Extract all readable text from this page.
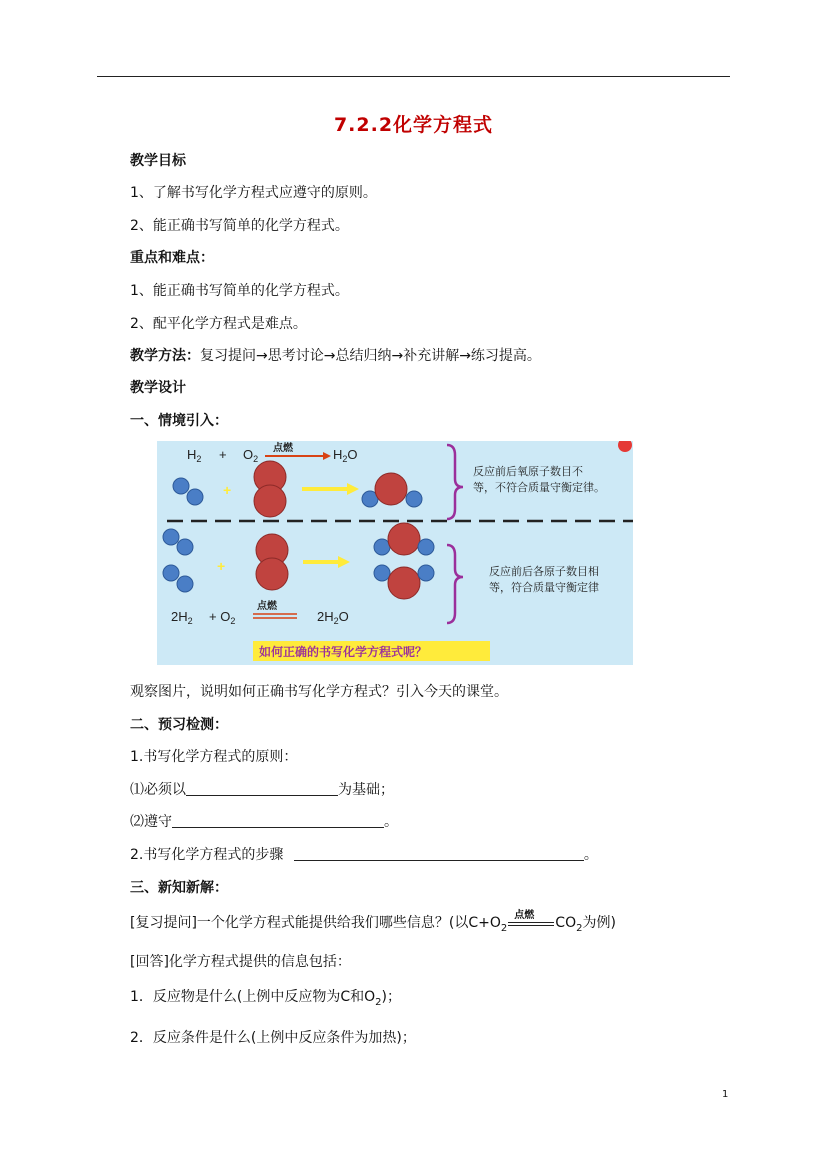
7.2.2化学方程式
教学目标
1、了解书写化学方程式应遵守的原则。
2、能正确书写简单的化学方程式。
重点和难点：
1、能正确书写简单的化学方程式。
2、配平化学方程式是难点。
教学方法：复习提问→思考讨论→总结归纳→补充讲解→练习提高。
教学设计
一、情境引入：
$H_2 + O_2$
点燃	$H_2O$
+
反应前后氧原子数目不
等，不符合质量守衡定律。
+	反应前后各原子数目相
等，符合质量守衡定律
$2H_2 + O_2$
点燃
$2H_2O$
如何正确的书写化学方程式呢？
观察图片，说明如何正确书写化学方程式？引入今天的课堂。
二、预习检测：
1.书写化学方程式的原则：
⑴必须以	为基础；
⑵遵守	。
2.书写化学方程式的步骤	。
三、新知新解：
[复习提问]一个化学方程式能提供给我们哪些信息？(以$C+O_2$
点燃 $CO_2$为例)
[回答]化学方程式提供的信息包括：
1．反应物是什么(上例中反应物为C和$O_2$)；
2．反应条件是什么(上例中反应条件为加热)；
1
